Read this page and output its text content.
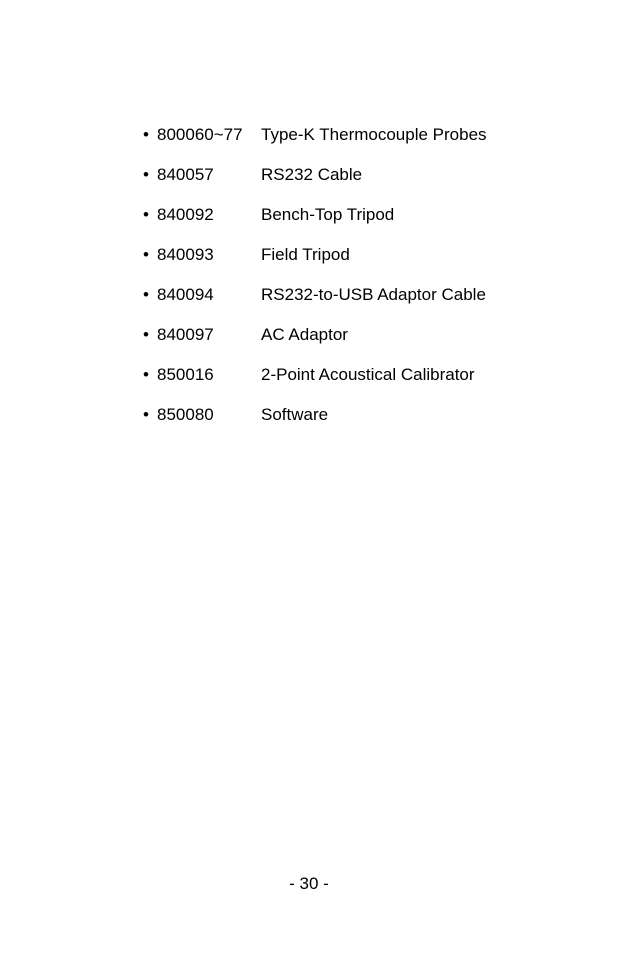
• 800060~77 Type-K Thermocouple Probes
• 840057	RS232 Cable
• 840092	Bench-Top Tripod
• 840093	Field Tripod
• 840094	RS232-to-USB Adaptor Cable
• 840097	AC Adaptor
• 850016	2-Point Acoustical Calibrator
• 850080	Software
- 30 -
